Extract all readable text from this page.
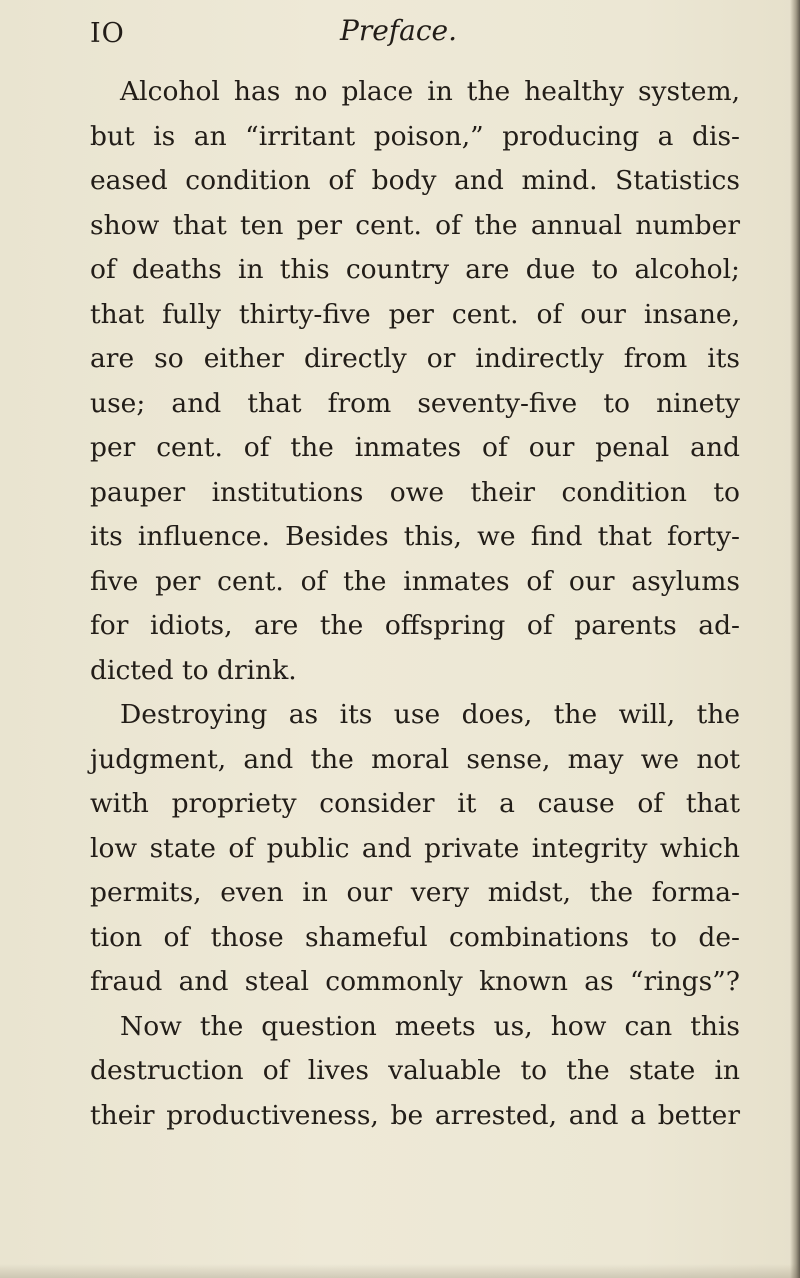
IO	Preface.
Alcohol has no place in the healthy system,
but is an “irritant poison,” producing a dis-
eased condition of body and mind. Statistics
show that ten per cent. of the annual number
of deaths in this country are due to alcohol;
that fully thirty-five per cent. of our insane,
are so either directly or indirectly from its
use; and that from seventy-five to ninety
per cent. of the inmates of our penal and
pauper institutions owe their condition to
its influence. Besides this, we find that forty-
five per cent. of the inmates of our asylums
for idiots, are the offspring of parents ad-
dicted to drink.
Destroying as its use does, the will, the
judgment, and the moral sense, may we not
with propriety consider it a cause of that
low state of public and private integrity which
permits, even in our very midst, the forma-
tion of those shameful combinations to de-
fraud and steal commonly known as “rings”?
Now the question meets us, how can this
destruction of lives valuable to the state in
their productiveness, be arrested, and a better
